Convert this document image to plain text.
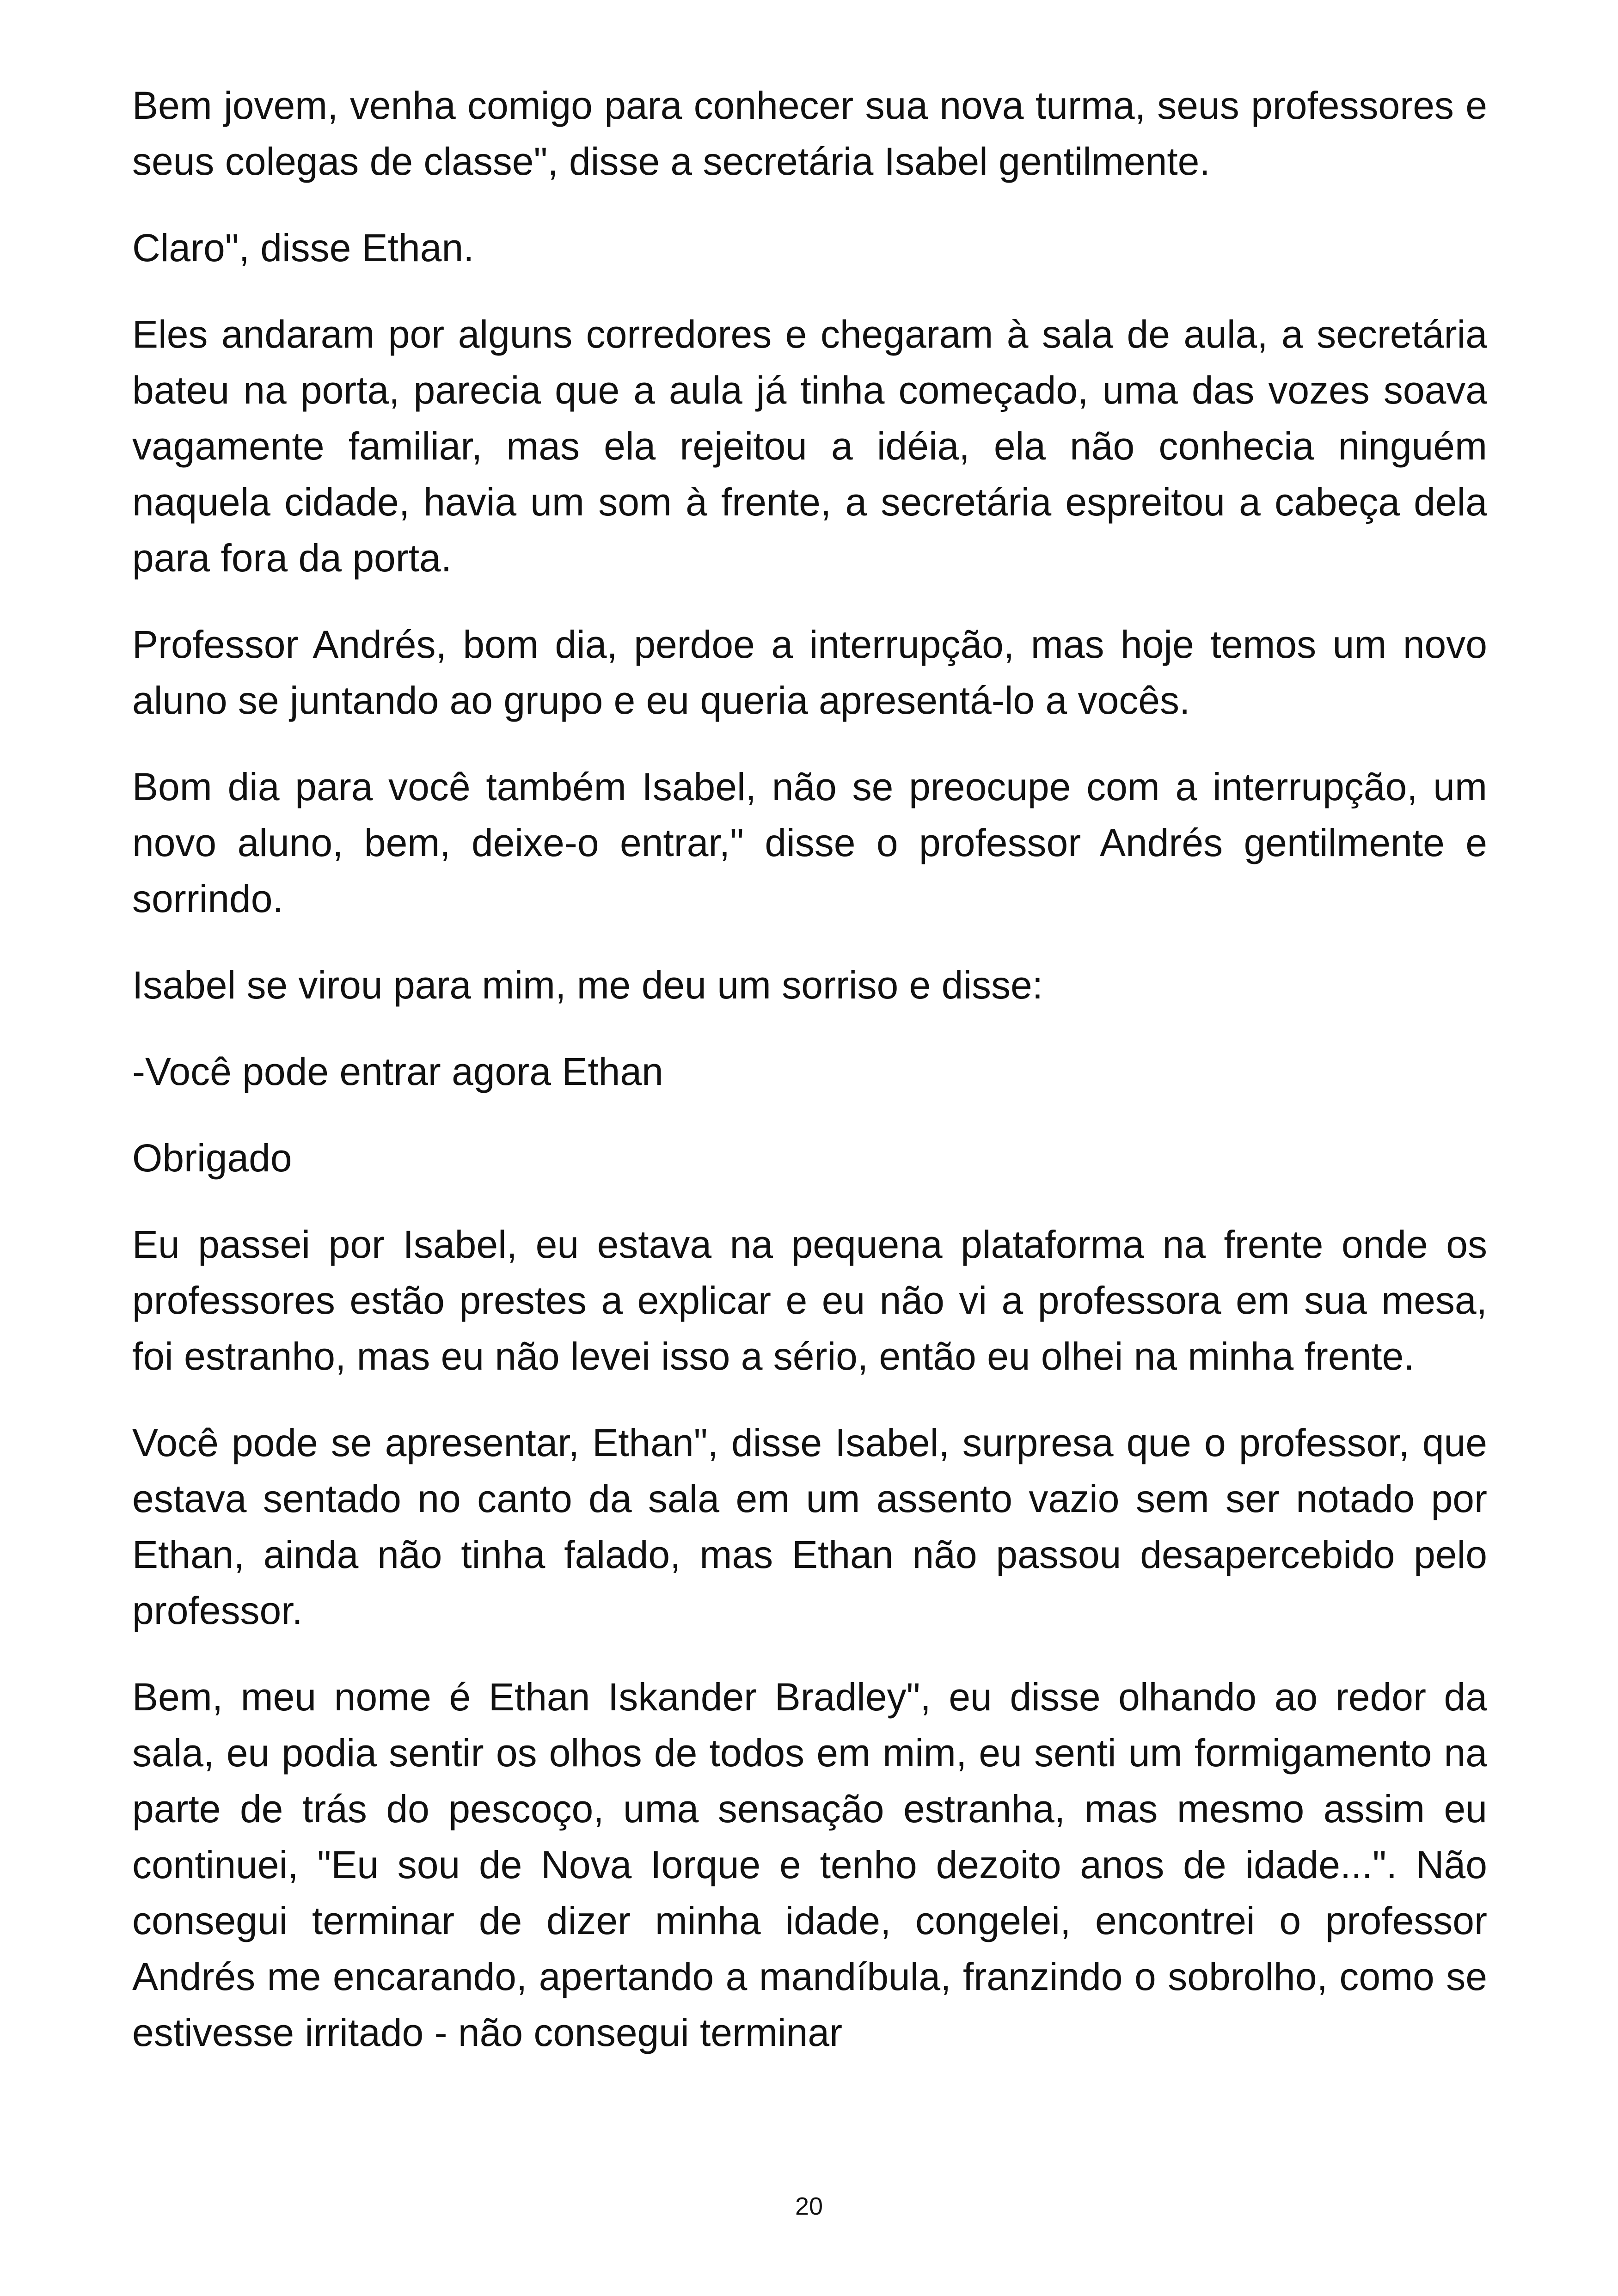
Bem jovem, venha comigo para conhecer sua nova turma, seus professores e seus colegas de classe", disse a secretária Isabel gentilmente.

Claro", disse Ethan.

Eles andaram por alguns corredores e chegaram à sala de aula, a secretária bateu na porta, parecia que a aula já tinha começado, uma das vozes soava vagamente familiar, mas ela rejeitou a idéia, ela não conhecia ninguém naquela cidade, havia um som à frente, a secretária espreitou a cabeça dela para fora da porta.

Professor Andrés, bom dia, perdoe a interrupção, mas hoje temos um novo aluno se juntando ao grupo e eu queria apresentá-lo a vocês.

Bom dia para você também Isabel, não se preocupe com a interrupção, um novo aluno, bem, deixe-o entrar," disse o professor Andrés gentilmente e sorrindo.

Isabel se virou para mim, me deu um sorriso e disse:

-Você pode entrar agora Ethan

Obrigado

Eu passei por Isabel, eu estava na pequena plataforma na frente onde os professores estão prestes a explicar e eu não vi a professora em sua mesa, foi estranho, mas eu não levei isso a sério, então eu olhei na minha frente.

Você pode se apresentar, Ethan", disse Isabel, surpresa que o professor, que estava sentado no canto da sala em um assento vazio sem ser notado por Ethan, ainda não tinha falado, mas Ethan não passou desapercebido pelo professor.

Bem, meu nome é Ethan Iskander Bradley", eu disse olhando ao redor da sala, eu podia sentir os olhos de todos em mim, eu senti um formigamento na parte de trás do pescoço, uma sensação estranha, mas mesmo assim eu continuei, "Eu sou de Nova Iorque e tenho dezoito anos de idade...". Não consegui terminar de dizer minha idade, congelei, encontrei o professor Andrés me encarando, apertando a mandíbula, franzindo o sobrolho, como se estivesse irritado - não consegui terminar

20
